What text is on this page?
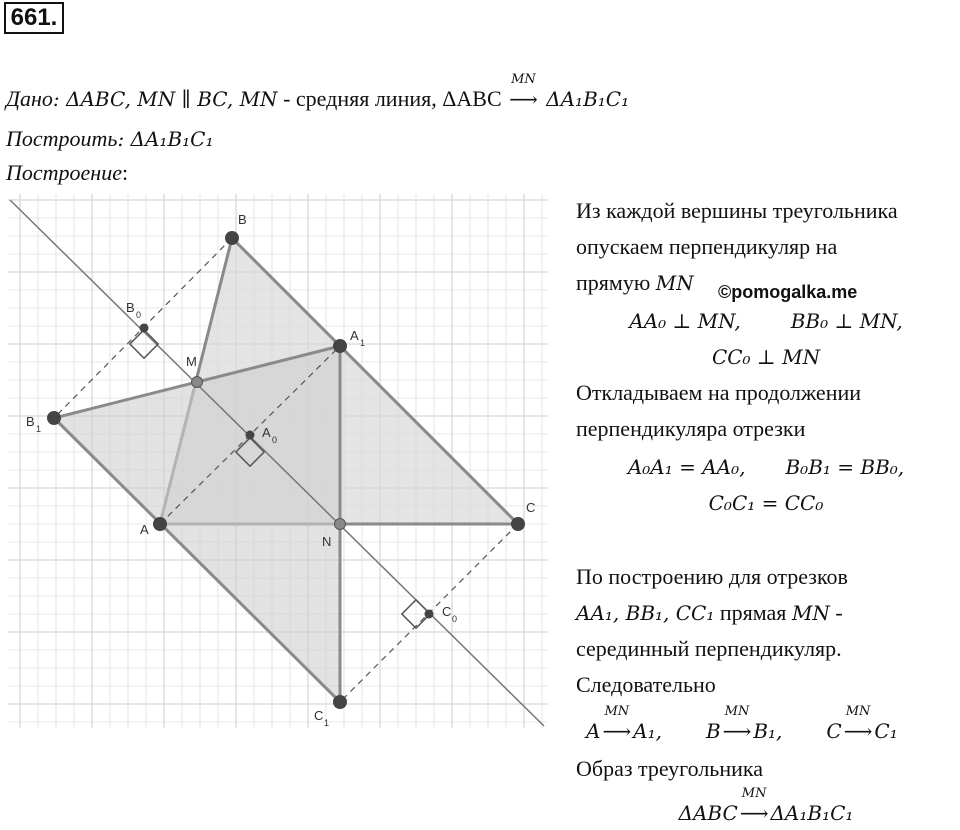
661.
Дано: ΔABC, MN ∥ BC, MN - средняя линия, ΔABC
MN
⟶ ΔA₁B₁C₁
Построить: ΔA₁B₁C₁
Построение:
B
A
C
M
N
A 1
B 1
C 1
A 0
B 0
C 0
Из каждой вершины треугольника
опускаем перпендикуляр на
прямую MN
AA₀ ⊥ MN,	BB₀ ⊥ MN,
CC₀ ⊥ MN
Откладываем на продолжении
перпендикуляра отрезки
A₀A₁ = AA₀, B₀B₁ = BB₀,
C₀C₁ = CC₀
По построению для отрезков
AA₁, BB₁, CC₁ прямая MN -
серединный перпендикуляр.
Следовательно
A
MN
⟶ A₁, B
MN
⟶ B₁, C
MN
⟶ C₁
Образ треугольника
ΔABC
MN
⟶ ΔA₁B₁C₁
©pomogalka.me
